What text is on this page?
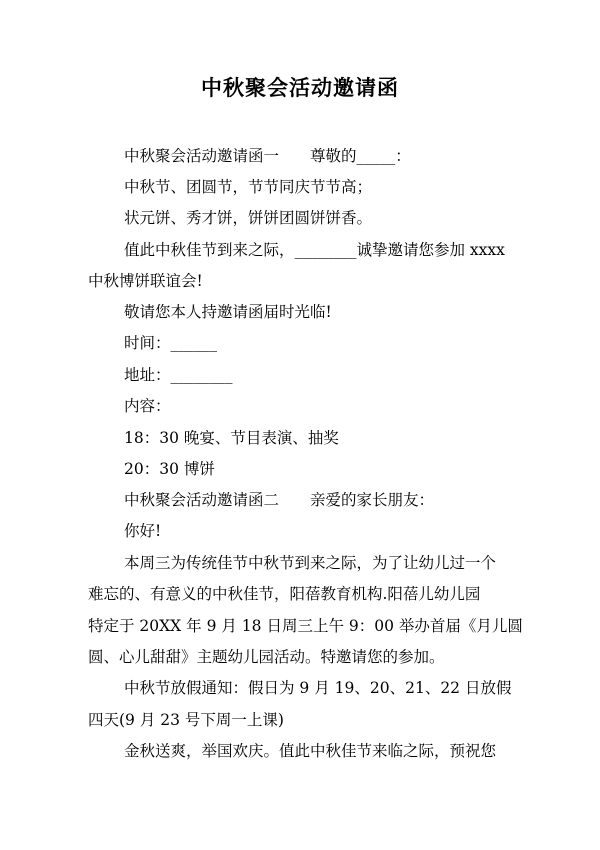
中秋聚会活动邀请函
中秋聚会活动邀请函一　　尊敬的_____：
中秋节、团圆节，节节同庆节节高；
状元饼、秀才饼，饼饼团圆饼饼香。
值此中秋佳节到来之际，________诚挚邀请您参加 xxxx
中秋博饼联谊会!
敬请您本人持邀请函届时光临!
时间：______
地址：________
内容：
18：30 晚宴、节目表演、抽奖
20：30 博饼
中秋聚会活动邀请函二　　亲爱的家长朋友：
你好!
本周三为传统佳节中秋节到来之际，为了让幼儿过一个
难忘的、有意义的中秋佳节，阳蓓教育机构.阳蓓儿幼儿园
特定于 20XX 年 9 月 18 日周三上午 9：00 举办首届《月儿圆
圆、心儿甜甜》主题幼儿园活动。特邀请您的参加。
中秋节放假通知：假日为 9 月 19、20、21、22 日放假
四天(9 月 23 号下周一上课)
金秋送爽，举国欢庆。值此中秋佳节来临之际，预祝您
